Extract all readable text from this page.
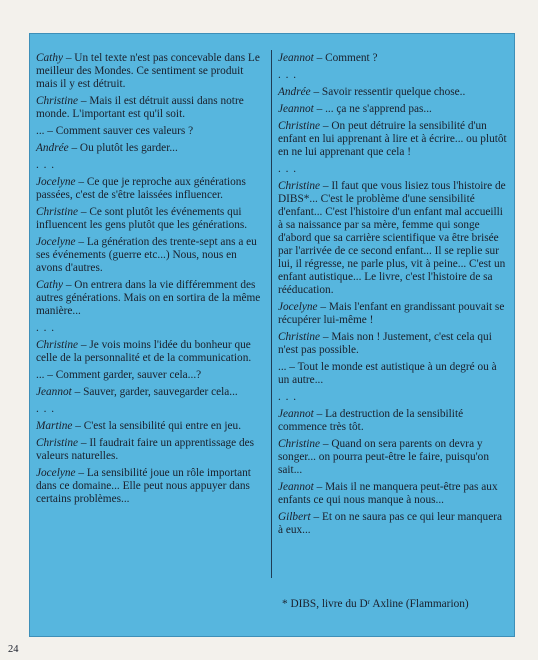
Cathy – Un tel texte n'est pas concevable dans Le meilleur des Mondes. Ce sentiment se produit mais il y est détruit.

Christine – Mais il est détruit aussi dans notre monde. L'important est qu'il soit.

... – Comment sauver ces valeurs ?

Andrée – Ou plutôt les garder...

. . .

Jocelyne – Ce que je reproche aux générations passées, c'est de s'être laissées influencer.

Christine – Ce sont plutôt les événements qui influencent les gens plutôt que les générations.

Jocelyne – La génération des trente-sept ans a eu ses événements (guerre etc...) Nous, nous en avons d'autres.

Cathy – On entrera dans la vie différemment des autres générations. Mais on en sortira de la même manière...

. . .

Christine – Je vois moins l'idée du bonheur que celle de la personnalité et de la communication.

... – Comment garder, sauver cela...?

Jeannot – Sauver, garder, sauvegarder cela...

. . .

Martine – C'est la sensibilité qui entre en jeu.

Christine – Il faudrait faire un apprentissage des valeurs naturelles.

Jocelyne – La sensibilité joue un rôle important dans ce domaine... Elle peut nous appuyer dans certains problèmes...

Jeannot – Comment ?

. . .

Andrée – Savoir ressentir quelque chose..

Jeannot – ... ça ne s'apprend pas...

Christine – On peut détruire la sensibilité d'un enfant en lui apprenant à lire et à écrire... ou plutôt en ne lui apprenant que cela !

. . .

Christine – Il faut que vous lisiez tous l'histoire de DIBS*... C'est le problème d'une sensibilité d'enfant... C'est l'histoire d'un enfant mal accueilli à sa naissance par sa mère, femme qui songe d'abord que sa carrière scientifique va être brisée par l'arrivée de ce second enfant... Il se replie sur lui, il régresse, ne parle plus, vit à peine... C'est un enfant autistique... Le livre, c'est l'histoire de sa rééducation.

Jocelyne – Mais l'enfant en grandissant pouvait se récupérer lui-même !

Christine – Mais non ! Justement, c'est cela qui n'est pas possible.

... – Tout le monde est autistique à un degré ou à un autre...

. . .

Jeannot – La destruction de la sensibilité commence très tôt.

Christine – Quand on sera parents on devra y songer... on pourra peut-être le faire, puisqu'on sait...

Jeannot – Mais il ne manquera peut-être pas aux enfants ce qui nous manque à nous...

Gilbert – Et on ne saura pas ce qui leur manquera à eux...

* DIBS, livre du Dʳ Axline (Flammarion)
24
